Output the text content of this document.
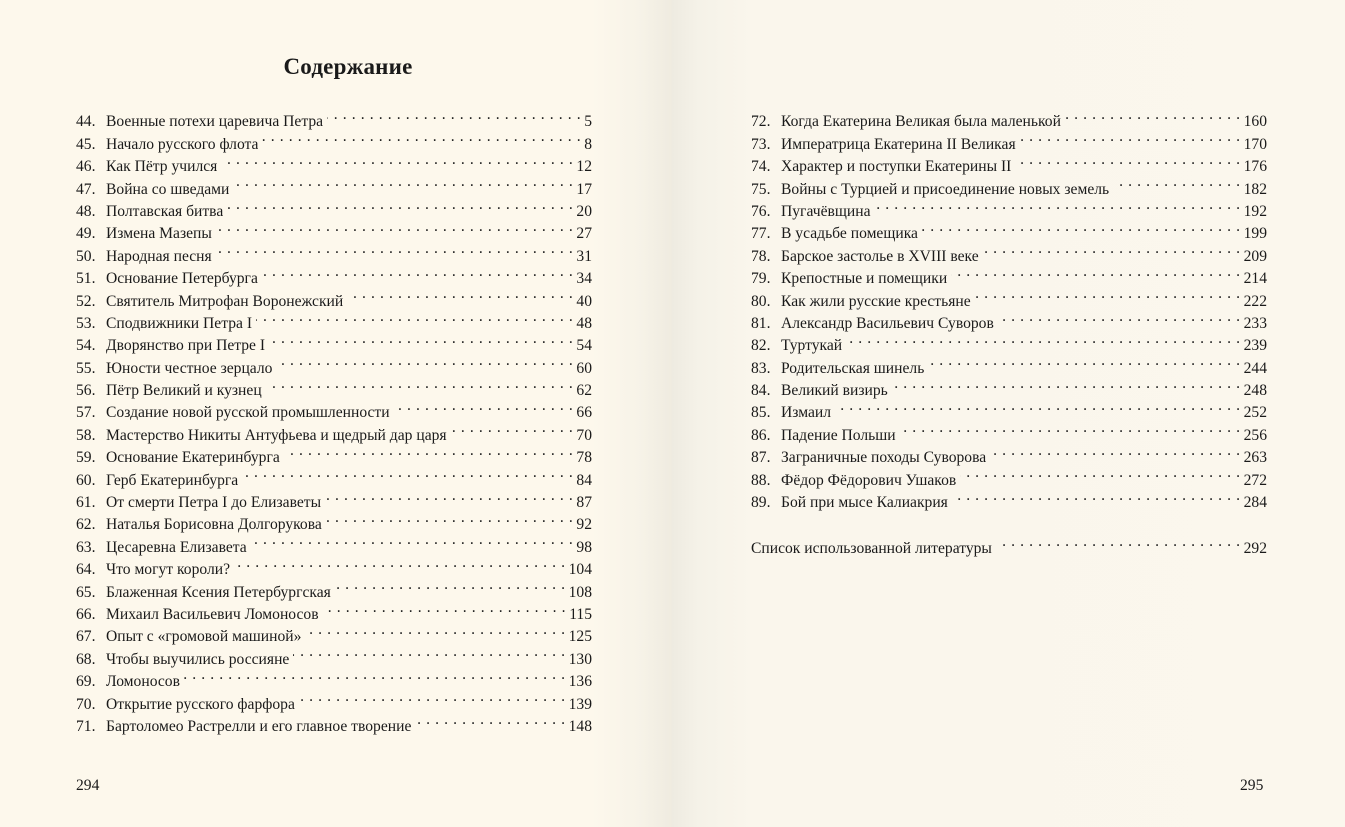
Содержание
44. Военные потехи царевича Петра . . .	5
45. Начало русского флота . . .	8
46. Как Пётр учился . . .	12
47. Война со шведами . . .	17
48. Полтавская битва . . .	20
49. Измена Мазепы . . .	27
50. Народная песня . . .	31
51. Основание Петербурга . . .	34
52. Святитель Митрофан Воронежский . . .	40
53. Сподвижники Петра I . . .	48
54. Дворянство при Петре I . . .	54
55. Юности честное зерцало . . .	60
56. Пётр Великий и кузнец . . .	62
57. Создание новой русской промышленности . . .	66
58. Мастерство Никиты Антуфьева и щедрый дар царя . . .	70
59. Основание Екатеринбурга . . .	78
60. Герб Екатеринбурга . . .	84
61. От смерти Петра I до Елизаветы . . .	87
62. Наталья Борисовна Долгорукова . . .	92
63. Цесаревна Елизавета . . .	98
64. Что могут короли? . . .	104
65. Блаженная Ксения Петербургская . . .	108
66. Михаил Васильевич Ломоносов . . .	115
67. Опыт с «громовой машиной» . . .	125
68. Чтобы выучились россияне . . .	130
69. Ломоносов . . .	136
70. Открытие русского фарфора . . .	139
71. Бартоломео Растрелли и его главное творение . . .	148
294
72. Когда Екатерина Великая была маленькой . . .	160
73. Императрица Екатерина II Великая . . .	170
74. Характер и поступки Екатерины II . . .	176
75. Войны с Турцией и присоединение новых земель . . .	182
76. Пугачёвщина . . .	192
77. В усадьбе помещика . . .	199
78. Барское застолье в XVIII веке . . .	209
79. Крепостные и помещики . . .	214
80. Как жили русские крестьяне . . .	222
81. Александр Васильевич Суворов . . .	233
82. Туртукай . . .	239
83. Родительская шинель . . .	244
84. Великий визирь . . .	248
85. Измаил . . .	252
86. Падение Польши . . .	256
87. Заграничные походы Суворова . . .	263
88. Фёдор Фёдорович Ушаков . . .	272
89. Бой при мысе Калиакрия . . .	284
Список использованной литературы . . .	292
295
